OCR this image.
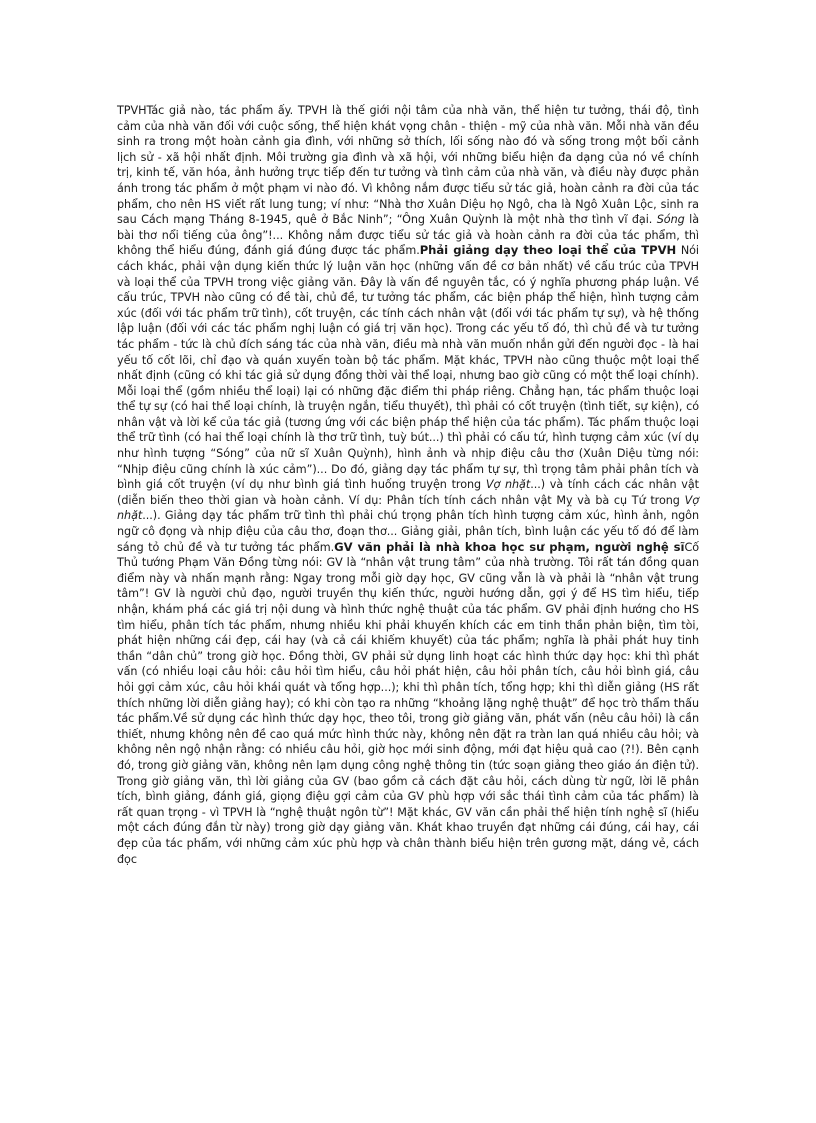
TPVHTác giả nào, tác phẩm ấy. TPVH là thế giới nội tâm của nhà văn, thể hiện tư tưởng, thái độ, tình cảm của nhà văn đối với cuộc sống, thể hiện khát vọng chân - thiện - mỹ của nhà văn. Mỗi nhà văn đều sinh ra trong một hoàn cảnh gia đình, với những sở thích, lối sống nào đó và sống trong một bối cảnh lịch sử - xã hội nhất định. Môi trường gia đình và xã hội, với những biểu hiện đa dạng của nó về chính trị, kinh tế, văn hóa, ảnh hưởng trực tiếp đến tư tưởng và tình cảm của nhà văn, và điều này được phản ánh trong tác phẩm ở một phạm vi nào đó. Vì không nắm được tiểu sử tác giả, hoàn cảnh ra đời của tác phẩm, cho nên HS viết rất lung tung; ví như: “Nhà thơ Xuân Diệu họ Ngô, cha là Ngô Xuân Lộc, sinh ra sau Cách mạng Tháng 8-1945, quê ở Bắc Ninh”; “Ông Xuân Quỳnh là một nhà thơ tình vĩ đại. Sóng là bài thơ nổi tiếng của ông”!... Không nắm được tiểu sử tác giả và hoàn cảnh ra đời của tác phẩm, thì không thể hiểu đúng, đánh giá đúng được tác phẩm.Phải giảng dạy theo loại thể của TPVH Nói cách khác, phải vận dụng kiến thức lý luận văn học (những vấn đề cơ bản nhất) về cấu trúc của TPVH và loại thể của TPVH trong việc giảng văn. Đây là vấn đề nguyên tắc, có ý nghĩa phương pháp luận. Về cấu trúc, TPVH nào cũng có đề tài, chủ đề, tư tưởng tác phẩm, các biện pháp thể hiện, hình tượng cảm xúc (đối với tác phẩm trữ tình), cốt truyện, các tính cách nhân vật (đối với tác phẩm tự sự), và hệ thống lập luận (đối với các tác phẩm nghị luận có giá trị văn học). Trong các yếu tố đó, thì chủ đề và tư tưởng tác phẩm - tức là chủ đích sáng tác của nhà văn, điều mà nhà văn muốn nhắn gửi đến người đọc - là hai yếu tố cốt lõi, chỉ đạo và quán xuyến toàn bộ tác phẩm. Mặt khác, TPVH nào cũng thuộc một loại thể nhất định (cũng có khi tác giả sử dụng đồng thời vài thể loại, nhưng bao giờ cũng có một thể loại chính). Mỗi loại thể (gồm nhiều thể loại) lại có những đặc điểm thi pháp riêng. Chẳng hạn, tác phẩm thuộc loại thể tự sự (có hai thể loại chính, là truyện ngắn, tiểu thuyết), thì phải có cốt truyện (tình tiết, sự kiện), có nhân vật và lời kể của tác giả (tương ứng với các biện pháp thể hiện của tác phẩm). Tác phẩm thuộc loại thể trữ tình (có hai thể loại chính là thơ trữ tình, tuỳ bút...) thì phải có cấu tứ, hình tượng cảm xúc (ví dụ như hình tượng “Sóng” của nữ sĩ Xuân Quỳnh), hình ảnh và nhịp điệu câu thơ (Xuân Diệu từng nói: “Nhịp điệu cũng chính là xúc cảm”)... Do đó, giảng dạy tác phẩm tự sự, thì trọng tâm phải phân tích và bình giá cốt truyện (ví dụ như bình giá tình huống truyện trong Vợ nhặt...) và tính cách các nhân vật (diễn biến theo thời gian và hoàn cảnh. Ví dụ: Phân tích tính cách nhân vật Mỵ và bà cụ Tứ trong Vợ nhặt...). Giảng dạy tác phẩm trữ tình thì phải chú trọng phân tích hình tượng cảm xúc, hình ảnh, ngôn ngữ cô đọng và nhịp điệu của câu thơ, đoạn thơ... Giảng giải, phân tích, bình luận các yếu tố đó để làm sáng tỏ chủ đề và tư tưởng tác phẩm.GV văn phải là nhà khoa học sư phạm, người nghệ sĩCố Thủ tướng Phạm Văn Đồng từng nói: GV là “nhân vật trung tâm” của nhà trường. Tôi rất tán đồng quan điểm này và nhấn mạnh rằng: Ngay trong mỗi giờ dạy học, GV cũng vẫn là và phải là “nhân vật trung tâm”! GV là người chủ đạo, người truyền thụ kiến thức, người hướng dẫn, gợi ý để HS tìm hiểu, tiếp nhận, khám phá các giá trị nội dung và hình thức nghệ thuật của tác phẩm. GV phải định hướng cho HS tìm hiểu, phân tích tác phẩm, nhưng nhiều khi phải khuyến khích các em tinh thần phản biện, tìm tòi, phát hiện những cái đẹp, cái hay (và cả cái khiếm khuyết) của tác phẩm; nghĩa là phải phát huy tinh thần “dân chủ” trong giờ học. Đồng thời, GV phải sử dụng linh hoạt các hình thức dạy học: khi thì phát vấn (có nhiều loại câu hỏi: câu hỏi tìm hiểu, câu hỏi phát hiện, câu hỏi phân tích, câu hỏi bình giá, câu hỏi gợi cảm xúc, câu hỏi khái quát và tổng hợp...); khi thì phân tích, tổng hợp; khi thì diễn giảng (HS rất thích những lời diễn giảng hay); có khi còn tạo ra những “khoảng lặng nghệ thuật” để học trò thẩm thấu tác phẩm.Về sử dụng các hình thức dạy học, theo tôi, trong giờ giảng văn, phát vấn (nêu câu hỏi) là cần thiết, nhưng không nên đề cao quá mức hình thức này, không nên đặt ra tràn lan quá nhiều câu hỏi; và không nên ngộ nhận rằng: có nhiều câu hỏi, giờ học mới sinh động, mới đạt hiệu quả cao (?!). Bên cạnh đó, trong giờ giảng văn, không nên lạm dụng công nghệ thông tin (tức soạn giảng theo giáo án điện tử). Trong giờ giảng văn, thì lời giảng của GV (bao gồm cả cách đặt câu hỏi, cách dùng từ ngữ, lời lẽ phân tích, bình giảng, đánh giá, giọng điệu gợi cảm của GV phù hợp với sắc thái tình cảm của tác phẩm) là rất quan trọng - vì TPVH là “nghệ thuật ngôn từ”! Mặt khác, GV văn cần phải thể hiện tính nghệ sĩ (hiểu một cách đúng đắn từ này) trong giờ dạy giảng văn. Khát khao truyền đạt những cái đúng, cái hay, cái đẹp của tác phẩm, với những cảm xúc phù hợp và chân thành biểu hiện trên gương mặt, dáng vẻ, cách đọc
